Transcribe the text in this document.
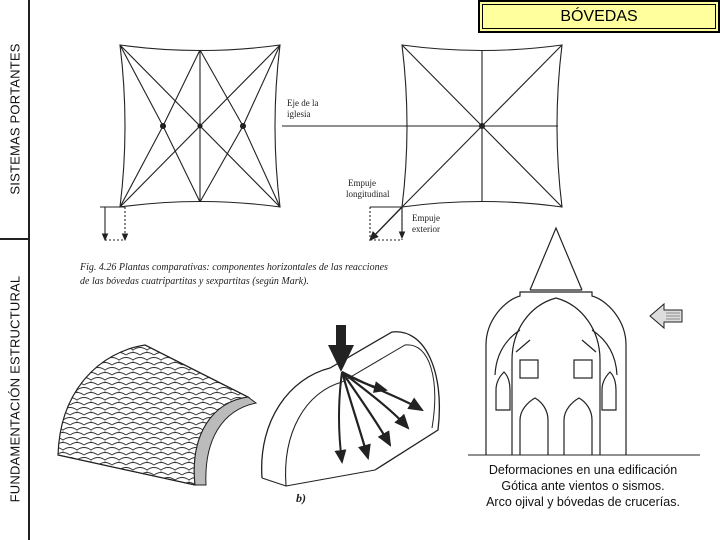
SISTEMAS PORTANTES
FUNDAMENTACIÓN ESTRUCTURAL
BÓVEDAS
Eje de la
iglesia
Empuje
longitudinal
Empuje
exterior
Fig. 4.26 Plantas comparativas: componentes horizontales de las reacciones
de las bóvedas cuatripartitas y sexpartitas (según Mark).
b)
Deformaciones en una edificación
Gótica ante vientos o sismos.
Arco ojival y bóvedas de crucerías.
